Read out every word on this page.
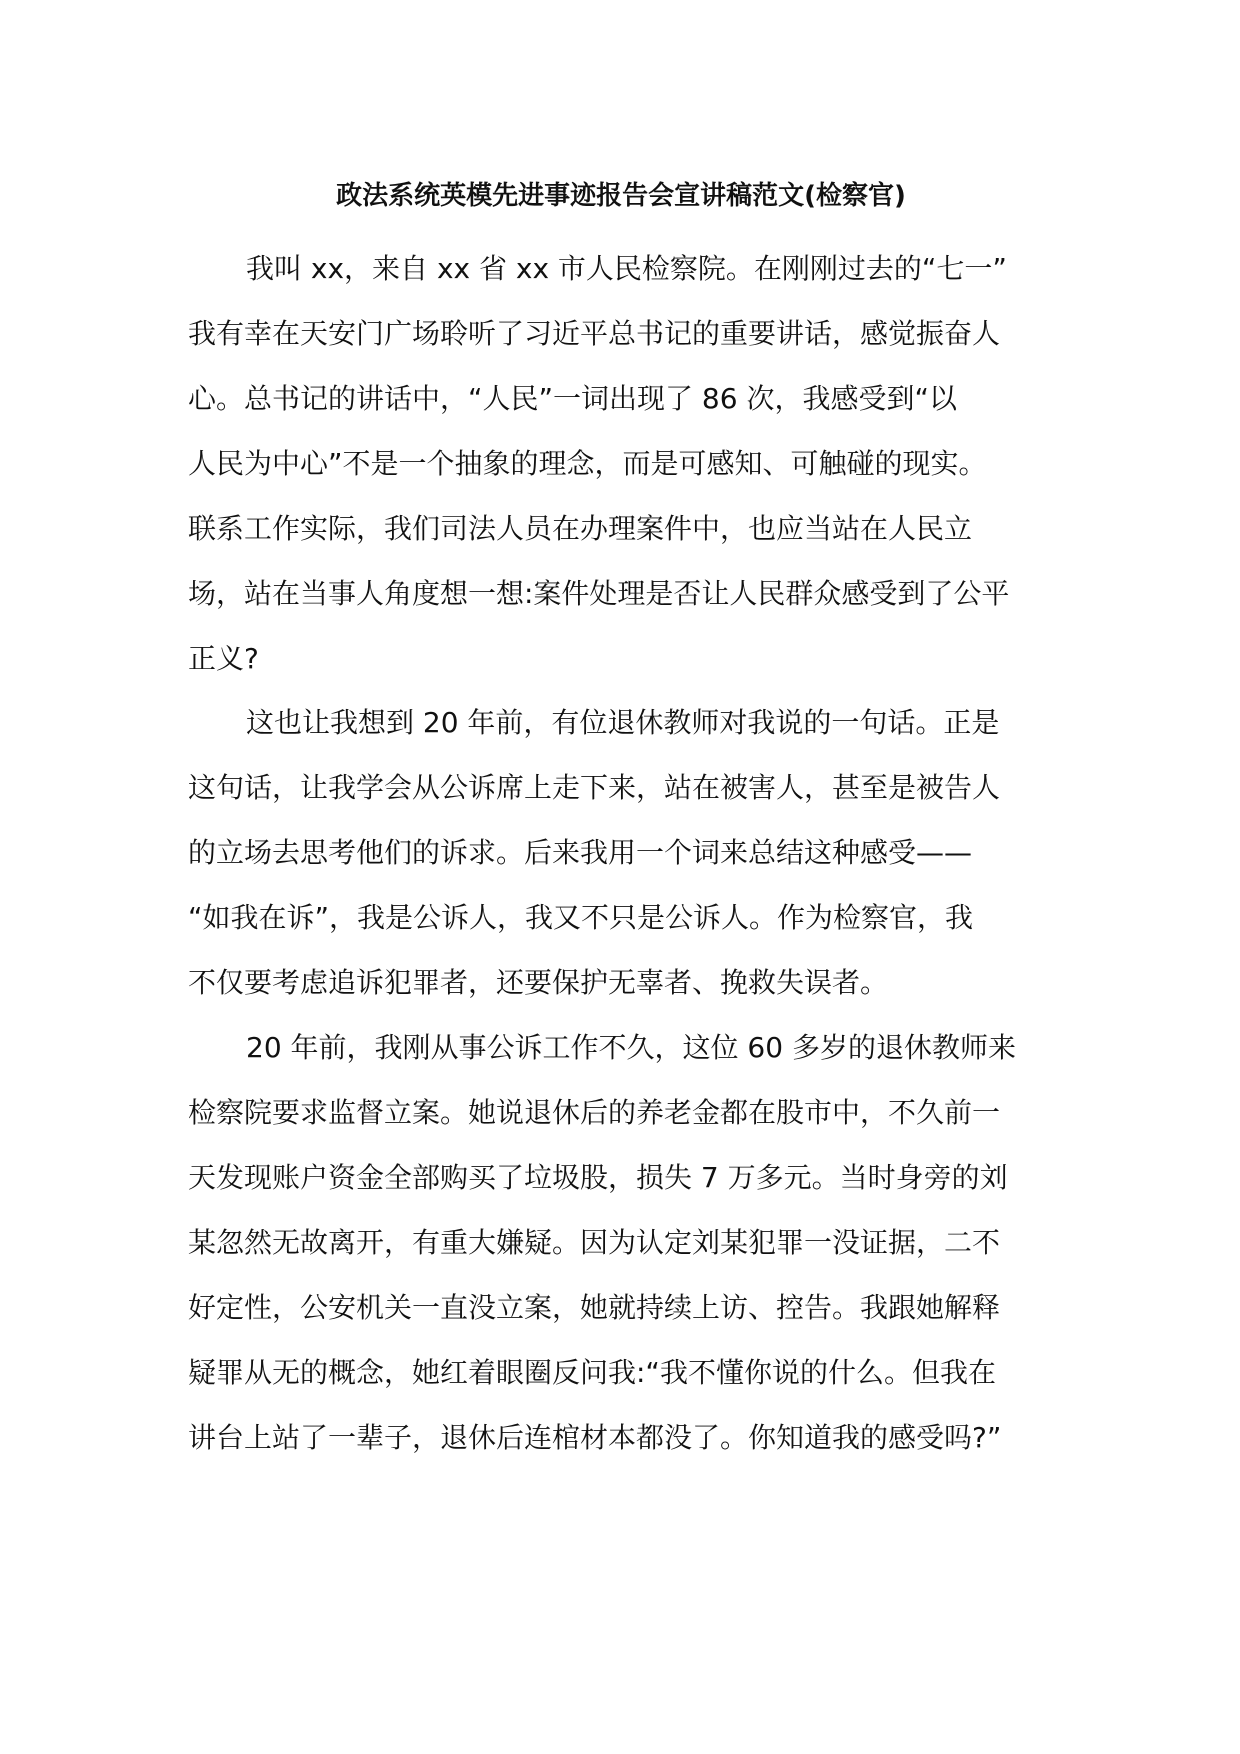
政法系统英模先进事迹报告会宣讲稿范文(检察官)
我叫 xx，来自 xx 省 xx 市人民检察院。在刚刚过去的“七一”
我有幸在天安门广场聆听了习近平总书记的重要讲话，感觉振奋人
心。总书记的讲话中，“人民”一词出现了 86 次，我感受到“以
人民为中心”不是一个抽象的理念，而是可感知、可触碰的现实。
联系工作实际，我们司法人员在办理案件中，也应当站在人民立
场，站在当事人角度想一想:案件处理是否让人民群众感受到了公平
正义?
这也让我想到 20 年前，有位退休教师对我说的一句话。正是
这句话，让我学会从公诉席上走下来，站在被害人，甚至是被告人
的立场去思考他们的诉求。后来我用一个词来总结这种感受——
“如我在诉”，我是公诉人，我又不只是公诉人。作为检察官，我
不仅要考虑追诉犯罪者，还要保护无辜者、挽救失误者。
20 年前，我刚从事公诉工作不久，这位 60 多岁的退休教师来
检察院要求监督立案。她说退休后的养老金都在股市中，不久前一
天发现账户资金全部购买了垃圾股，损失 7 万多元。当时身旁的刘
某忽然无故离开，有重大嫌疑。因为认定刘某犯罪一没证据，二不
好定性，公安机关一直没立案，她就持续上访、控告。我跟她解释
疑罪从无的概念，她红着眼圈反问我:“我不懂你说的什么。但我在
讲台上站了一辈子，退休后连棺材本都没了。你知道我的感受吗?”
